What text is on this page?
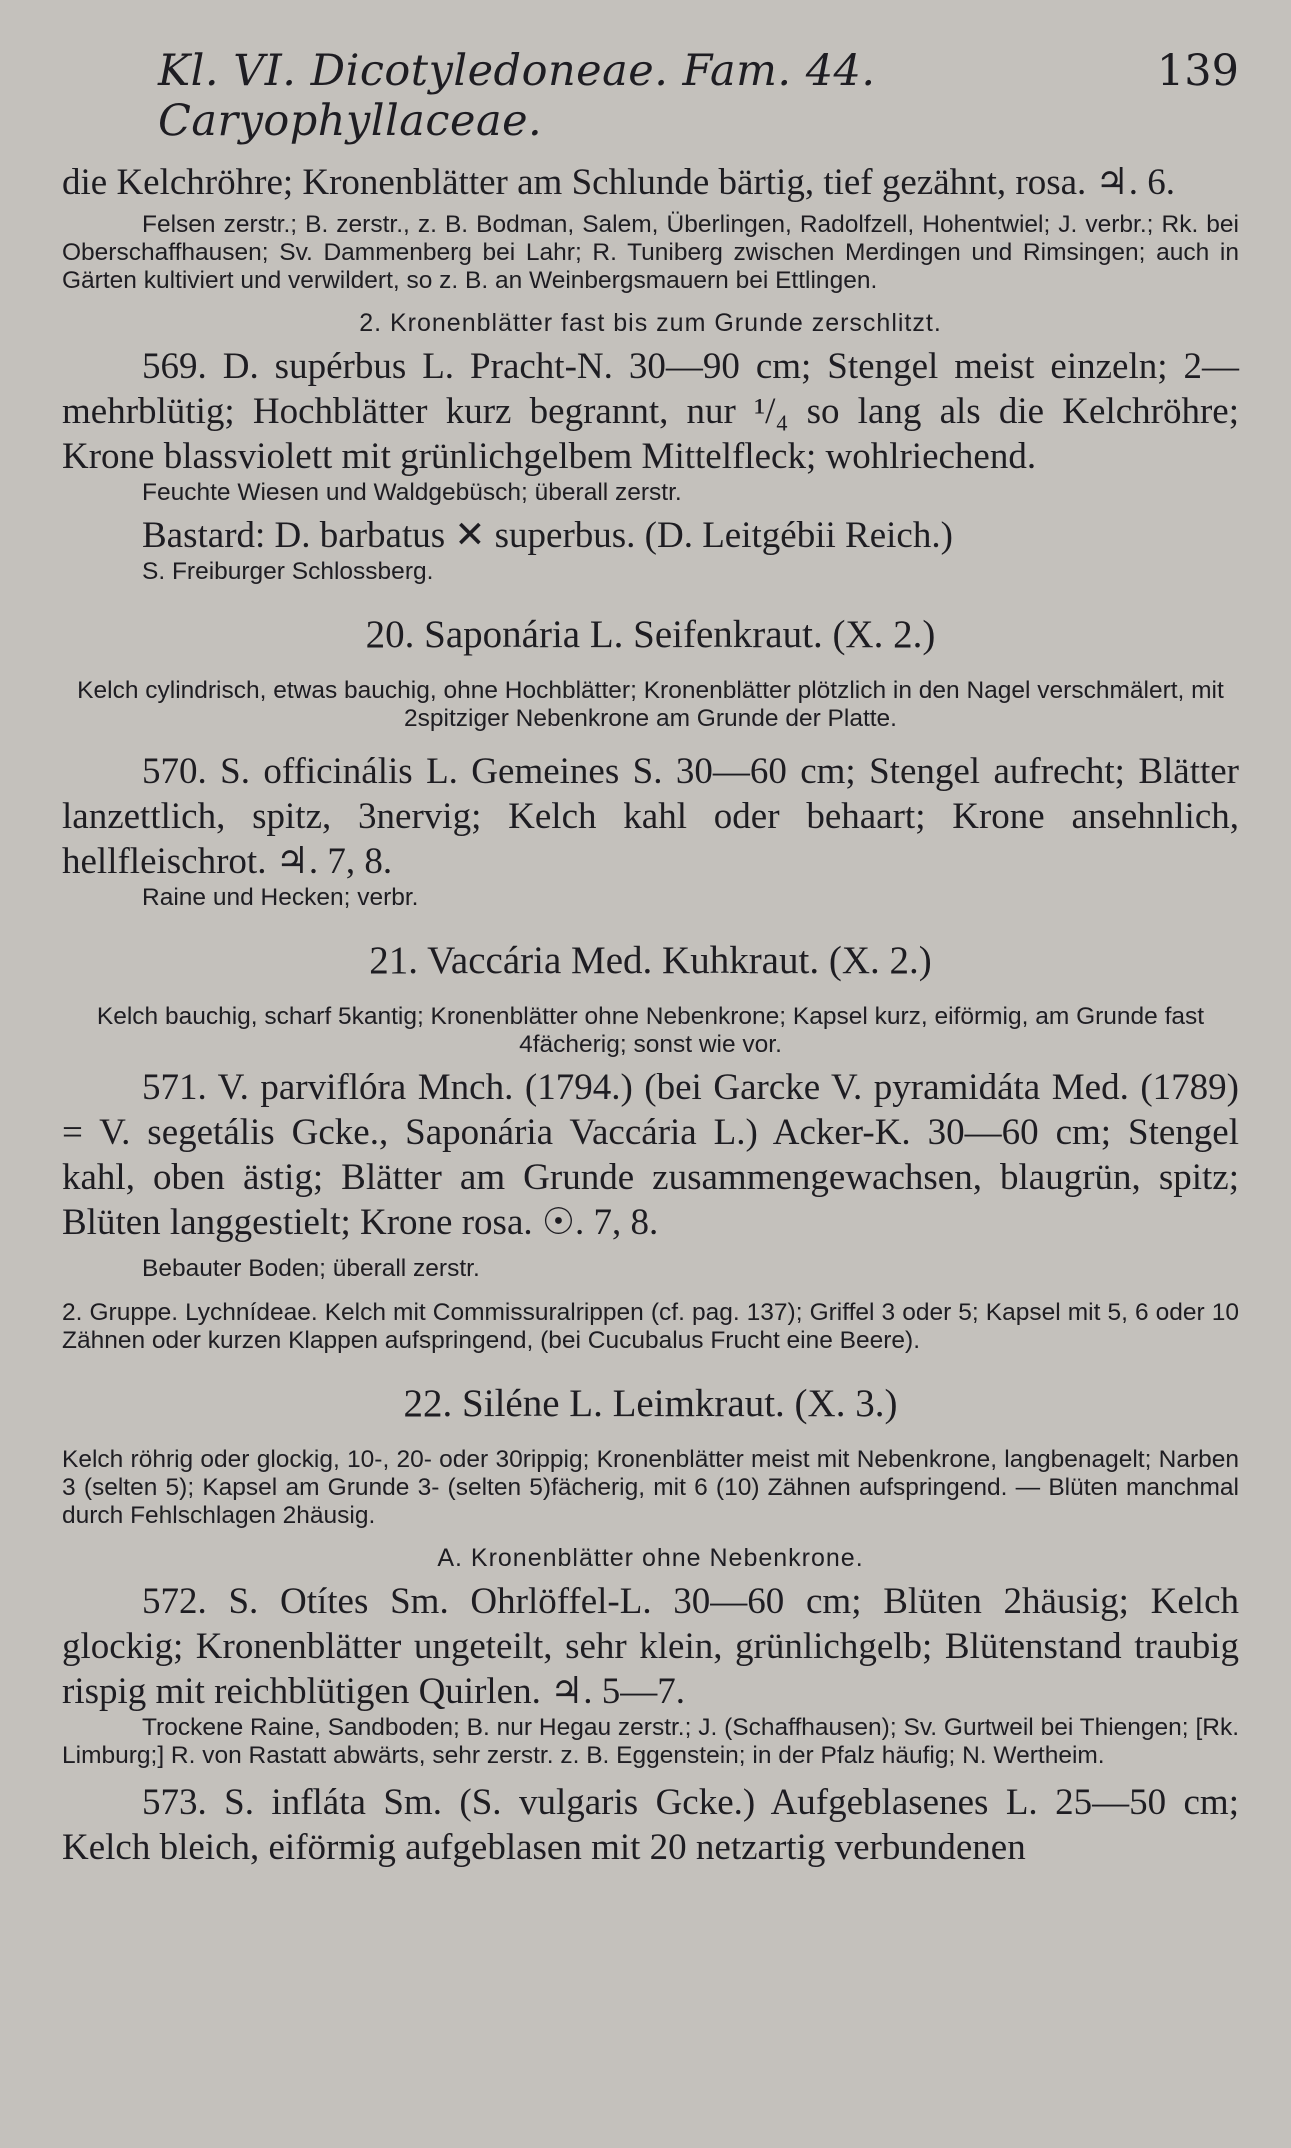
Kl. VI. Dicotyledoneae. Fam. 44. Caryophyllaceae.
139

die Kelchröhre; Kronenblätter am Schlunde bärtig, tief gezähnt, rosa. ♃. 6.

Felsen zerstr.; B. zerstr., z. B. Bodman, Salem, Überlingen, Radolfzell, Hohentwiel; J. verbr.; Rk. bei Oberschaffhausen; Sv. Dammenberg bei Lahr; R. Tuniberg zwischen Merdingen und Rimsingen; auch in Gärten kultiviert und verwildert, so z. B. an Weinbergsmauern bei Ettlingen.

2. Kronenblätter fast bis zum Grunde zerschlitzt.

569. D. supérbus L. Pracht-N. 30—90 cm; Stengel meist einzeln; 2—mehrblütig; Hochblätter kurz begrannt, nur ¹/₄ so lang als die Kelchröhre; Krone blassviolett mit grünlichgelbem Mittelfleck; wohlriechend.

Feuchte Wiesen und Waldgebüsch; überall zerstr.

Bastard: D. barbatus ✕ superbus. (D. Leitgébii Reich.)

S. Freiburger Schlossberg.

20. Saponária L. Seifenkraut. (X. 2.)

Kelch cylindrisch, etwas bauchig, ohne Hochblätter; Kronenblätter plötzlich in den Nagel verschmälert, mit 2spitziger Nebenkrone am Grunde der Platte.

570. S. officinális L. Gemeines S. 30—60 cm; Stengel aufrecht; Blätter lanzettlich, spitz, 3nervig; Kelch kahl oder behaart; Krone ansehnlich, hellfleischrot. ♃. 7, 8.

Raine und Hecken; verbr.

21. Vaccária Med. Kuhkraut. (X. 2.)

Kelch bauchig, scharf 5kantig; Kronenblätter ohne Nebenkrone; Kapsel kurz, eiförmig, am Grunde fast 4fächerig; sonst wie vor.

571. V. parviflóra Mnch. (1794.) (bei Garcke V. pyramidáta Med. (1789) = V. segetális Gcke., Saponária Vaccária L.) Acker-K. 30—60 cm; Stengel kahl, oben ästig; Blätter am Grunde zusammengewachsen, blaugrün, spitz; Blüten langgestielt; Krone rosa. ☉. 7, 8.

Bebauter Boden; überall zerstr.

2. Gruppe. Lychnídeae. Kelch mit Commissuralrippen (cf. pag. 137); Griffel 3 oder 5; Kapsel mit 5, 6 oder 10 Zähnen oder kurzen Klappen aufspringend, (bei Cucubalus Frucht eine Beere).

22. Siléne L. Leimkraut. (X. 3.)

Kelch röhrig oder glockig, 10-, 20- oder 30rippig; Kronenblätter meist mit Nebenkrone, langbenagelt; Narben 3 (selten 5); Kapsel am Grunde 3- (selten 5)fächerig, mit 6 (10) Zähnen aufspringend. — Blüten manchmal durch Fehlschlagen 2häusig.

A. Kronenblätter ohne Nebenkrone.

572. S. Otítes Sm. Ohrlöffel-L. 30—60 cm; Blüten 2häusig; Kelch glockig; Kronenblätter ungeteilt, sehr klein, grünlichgelb; Blütenstand traubig rispig mit reichblütigen Quirlen. ♃. 5—7.

Trockene Raine, Sandboden; B. nur Hegau zerstr.; J. (Schaffhausen); Sv. Gurtweil bei Thiengen; [Rk. Limburg;] R. von Rastatt abwärts, sehr zerstr. z. B. Eggenstein; in der Pfalz häufig; N. Wertheim.

573. S. infláta Sm. (S. vulgaris Gcke.) Aufgeblasenes L. 25—50 cm; Kelch bleich, eiförmig aufgeblasen mit 20 netzartig verbundenen
